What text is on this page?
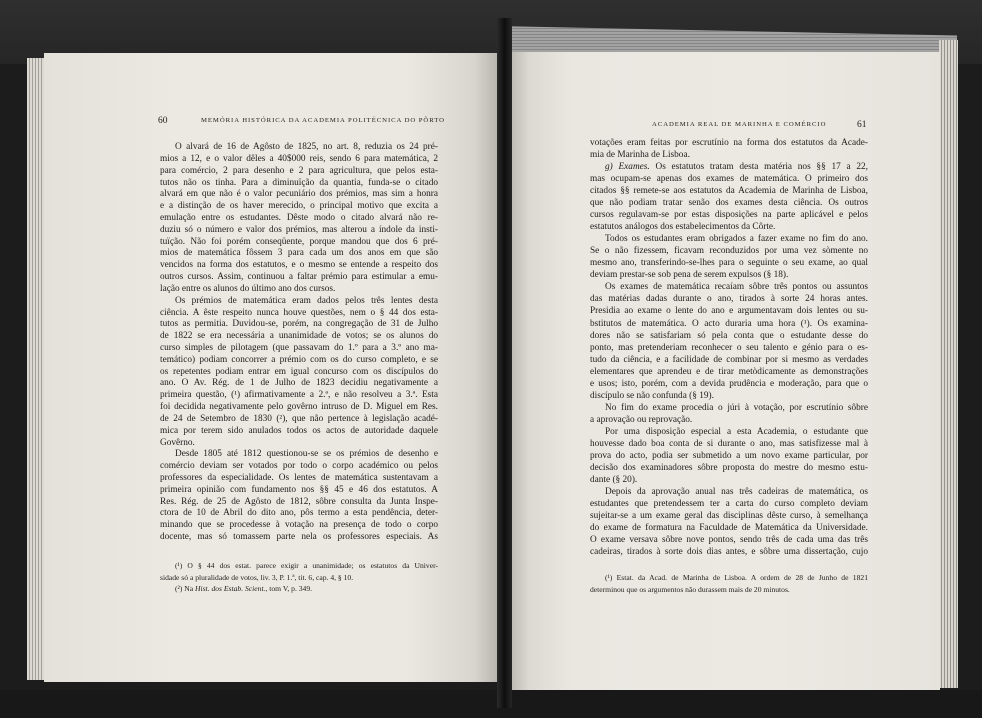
60	MEMÓRIA HISTÓRICA DA ACADEMIA POLITÉCNICA DO PÔRTO
O alvará de 16 de Agôsto de 1825, no art. 8, reduzia os 24 pré-
mios a 12, e o valor dêles a 40$000 reis, sendo 6 para matemática, 2
para comércio, 2 para desenho e 2 para agricultura, que pelos esta-
tutos não os tinha. Para a diminuïção da quantia, funda-se o citado
alvará em que não é o valor pecuniário dos prémios, mas sim a honra
e a distinção de os haver merecido, o principal motivo que excita a
emulação entre os estudantes. Dêste modo o citado alvará não re-
duziu só o número e valor dos prémios, mas alterou a índole da insti-
tuïção. Não foi porém conseqüente, porque mandou que dos 6 pré-
mios de matemática fôssem 3 para cada um dos anos em que são
vencidos na forma dos estatutos, e o mesmo se entende a respeito dos
outros cursos. Assim, continuou a faltar prémio para estimular a emu-
lação entre os alunos do último ano dos cursos.
Os prémios de matemática eram dados pelos três lentes desta
ciência. A êste respeito nunca houve questões, nem o § 44 dos esta-
tutos as permitia. Duvidou-se, porém, na congregação de 31 de Julho
de 1822 se era necessária a unanimidade de votos; se os alunos do
curso simples de pilotagem (que passavam do 1.º para a 3.º ano ma-
temático) podiam concorrer a prémio com os do curso completo, e se
os repetentes podiam entrar em igual concurso com os discípulos do
ano. O Av. Rég. de 1 de Julho de 1823 decidiu negativamente a
primeira questão, (¹) afirmativamente a 2.ª, e não resolveu a 3.ª. Esta
foi decidida negativamente pelo govêrno intruso de D. Miguel em Res.
de 24 de Setembro de 1830 (²), que não pertence à legislação acadé-
mica por terem sido anulados todos os actos de autoridade daquele
Govêrno.
Desde 1805 até 1812 questionou-se se os prémios de desenho e
comércio deviam ser votados por todo o corpo académico ou pelos
professores da especialidade. Os lentes de matemática sustentavam a
primeira opinião com fundamento nos §§ 45 e 46 dos estatutos. A
Res. Rég. de 25 de Agôsto de 1812, sôbre consulta da Junta Inspe-
ctora de 10 de Abril do dito ano, pôs termo a esta pendência, deter-
minando que se procedesse à votação na presença de todo o corpo
docente, mas só tomassem parte nela os professores especiais. As
(¹) O § 44 dos estat. parece exigir a unanimidade; os estatutos da Univer-
sidade só a pluralidade de votos, liv. 3, P. 1.ª, tit. 6, cap. 4, § 10.
(²) Na Hist. dos Estab. Scient., tom V, p. 349.
ACADEMIA REAL DE MARINHA E COMÉRCIO	61
votações eram feitas por escrutínio na forma dos estatutos da Acade-
mia de Marinha de Lisboa.
g) Exames. Os estatutos tratam desta matéria nos §§ 17 a 22,
mas ocupam-se apenas dos exames de matemática. O primeiro dos
citados §§ remete-se aos estatutos da Academia de Marinha de Lisboa,
que não podiam tratar senão dos exames desta ciência. Os outros
cursos regulavam-se por estas disposições na parte aplicável e pelos
estatutos análogos dos estabelecimentos da Côrte.
Todos os estudantes eram obrigados a fazer exame no fim do ano.
Se o não fizessem, ficavam reconduzidos por uma vez sòmente no
mesmo ano, transferindo-se-lhes para o seguinte o seu exame, ao qual
deviam prestar-se sob pena de serem expulsos (§ 18).
Os exames de matemática recaíam sôbre três pontos ou assuntos
das matérias dadas durante o ano, tirados à sorte 24 horas antes.
Presidia ao exame o lente do ano e argumentavam dois lentes ou su-
bstitutos de matemática. O acto duraria uma hora (¹). Os examina-
dores não se satisfariam só pela conta que o estudante desse do
ponto, mas pretenderiam reconhecer o seu talento e génio para o es-
tudo da ciência, e a facilidade de combinar por si mesmo as verdades
elementares que aprendeu e de tirar metòdicamente as demonstrações
e usos; isto, porém, com a devida prudência e moderação, para que o
discípulo se não confunda (§ 19).
No fim do exame procedia o júri à votação, por escrutínio sôbre
a aprovação ou reprovação.
Por uma disposição especial a esta Academia, o estudante que
houvesse dado boa conta de si durante o ano, mas satisfizesse mal à
prova do acto, podia ser submetido a um novo exame particular, por
decisão dos examinadores sôbre proposta do mestre do mesmo estu-
dante (§ 20).
Depois da aprovação anual nas três cadeiras de matemática, os
estudantes que pretendessem ter a carta do curso completo deviam
sujeitar-se a um exame geral das disciplinas dêste curso, à semelhança
do exame de formatura na Faculdade de Matemática da Universidade.
O exame versava sôbre nove pontos, sendo três de cada uma das três
cadeiras, tirados à sorte dois dias antes, e sôbre uma dissertação, cujo
(¹) Estat. da Acad. de Marinha de Lisboa. A ordem de 28 de Junho de 1821
determinou que os argumentos não durassem mais de 20 minutos.
